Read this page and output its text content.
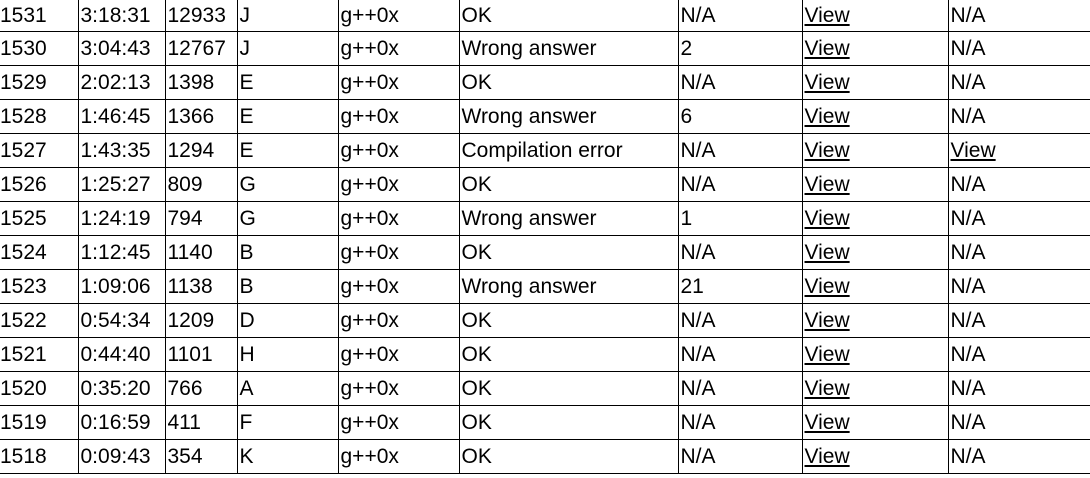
1531	3:18:31	12933	J	g++0x	OK	N/A	View	N/A
1530	3:04:43	12767	J	g++0x	Wrong answer	2	View	N/A
1529	2:02:13	1398	E	g++0x	OK	N/A	View	N/A
1528	1:46:45	1366	E	g++0x	Wrong answer	6	View	N/A
1527	1:43:35	1294	E	g++0x	Compilation error	N/A	View	View
1526	1:25:27	809	G	g++0x	OK	N/A	View	N/A
1525	1:24:19	794	G	g++0x	Wrong answer	1	View	N/A
1524	1:12:45	1140	B	g++0x	OK	N/A	View	N/A
1523	1:09:06	1138	B	g++0x	Wrong answer	21	View	N/A
1522	0:54:34	1209	D	g++0x	OK	N/A	View	N/A
1521	0:44:40	1101	H	g++0x	OK	N/A	View	N/A
1520	0:35:20	766	A	g++0x	OK	N/A	View	N/A
1519	0:16:59	411	F	g++0x	OK	N/A	View	N/A
1518	0:09:43	354	K	g++0x	OK	N/A	View	N/A
